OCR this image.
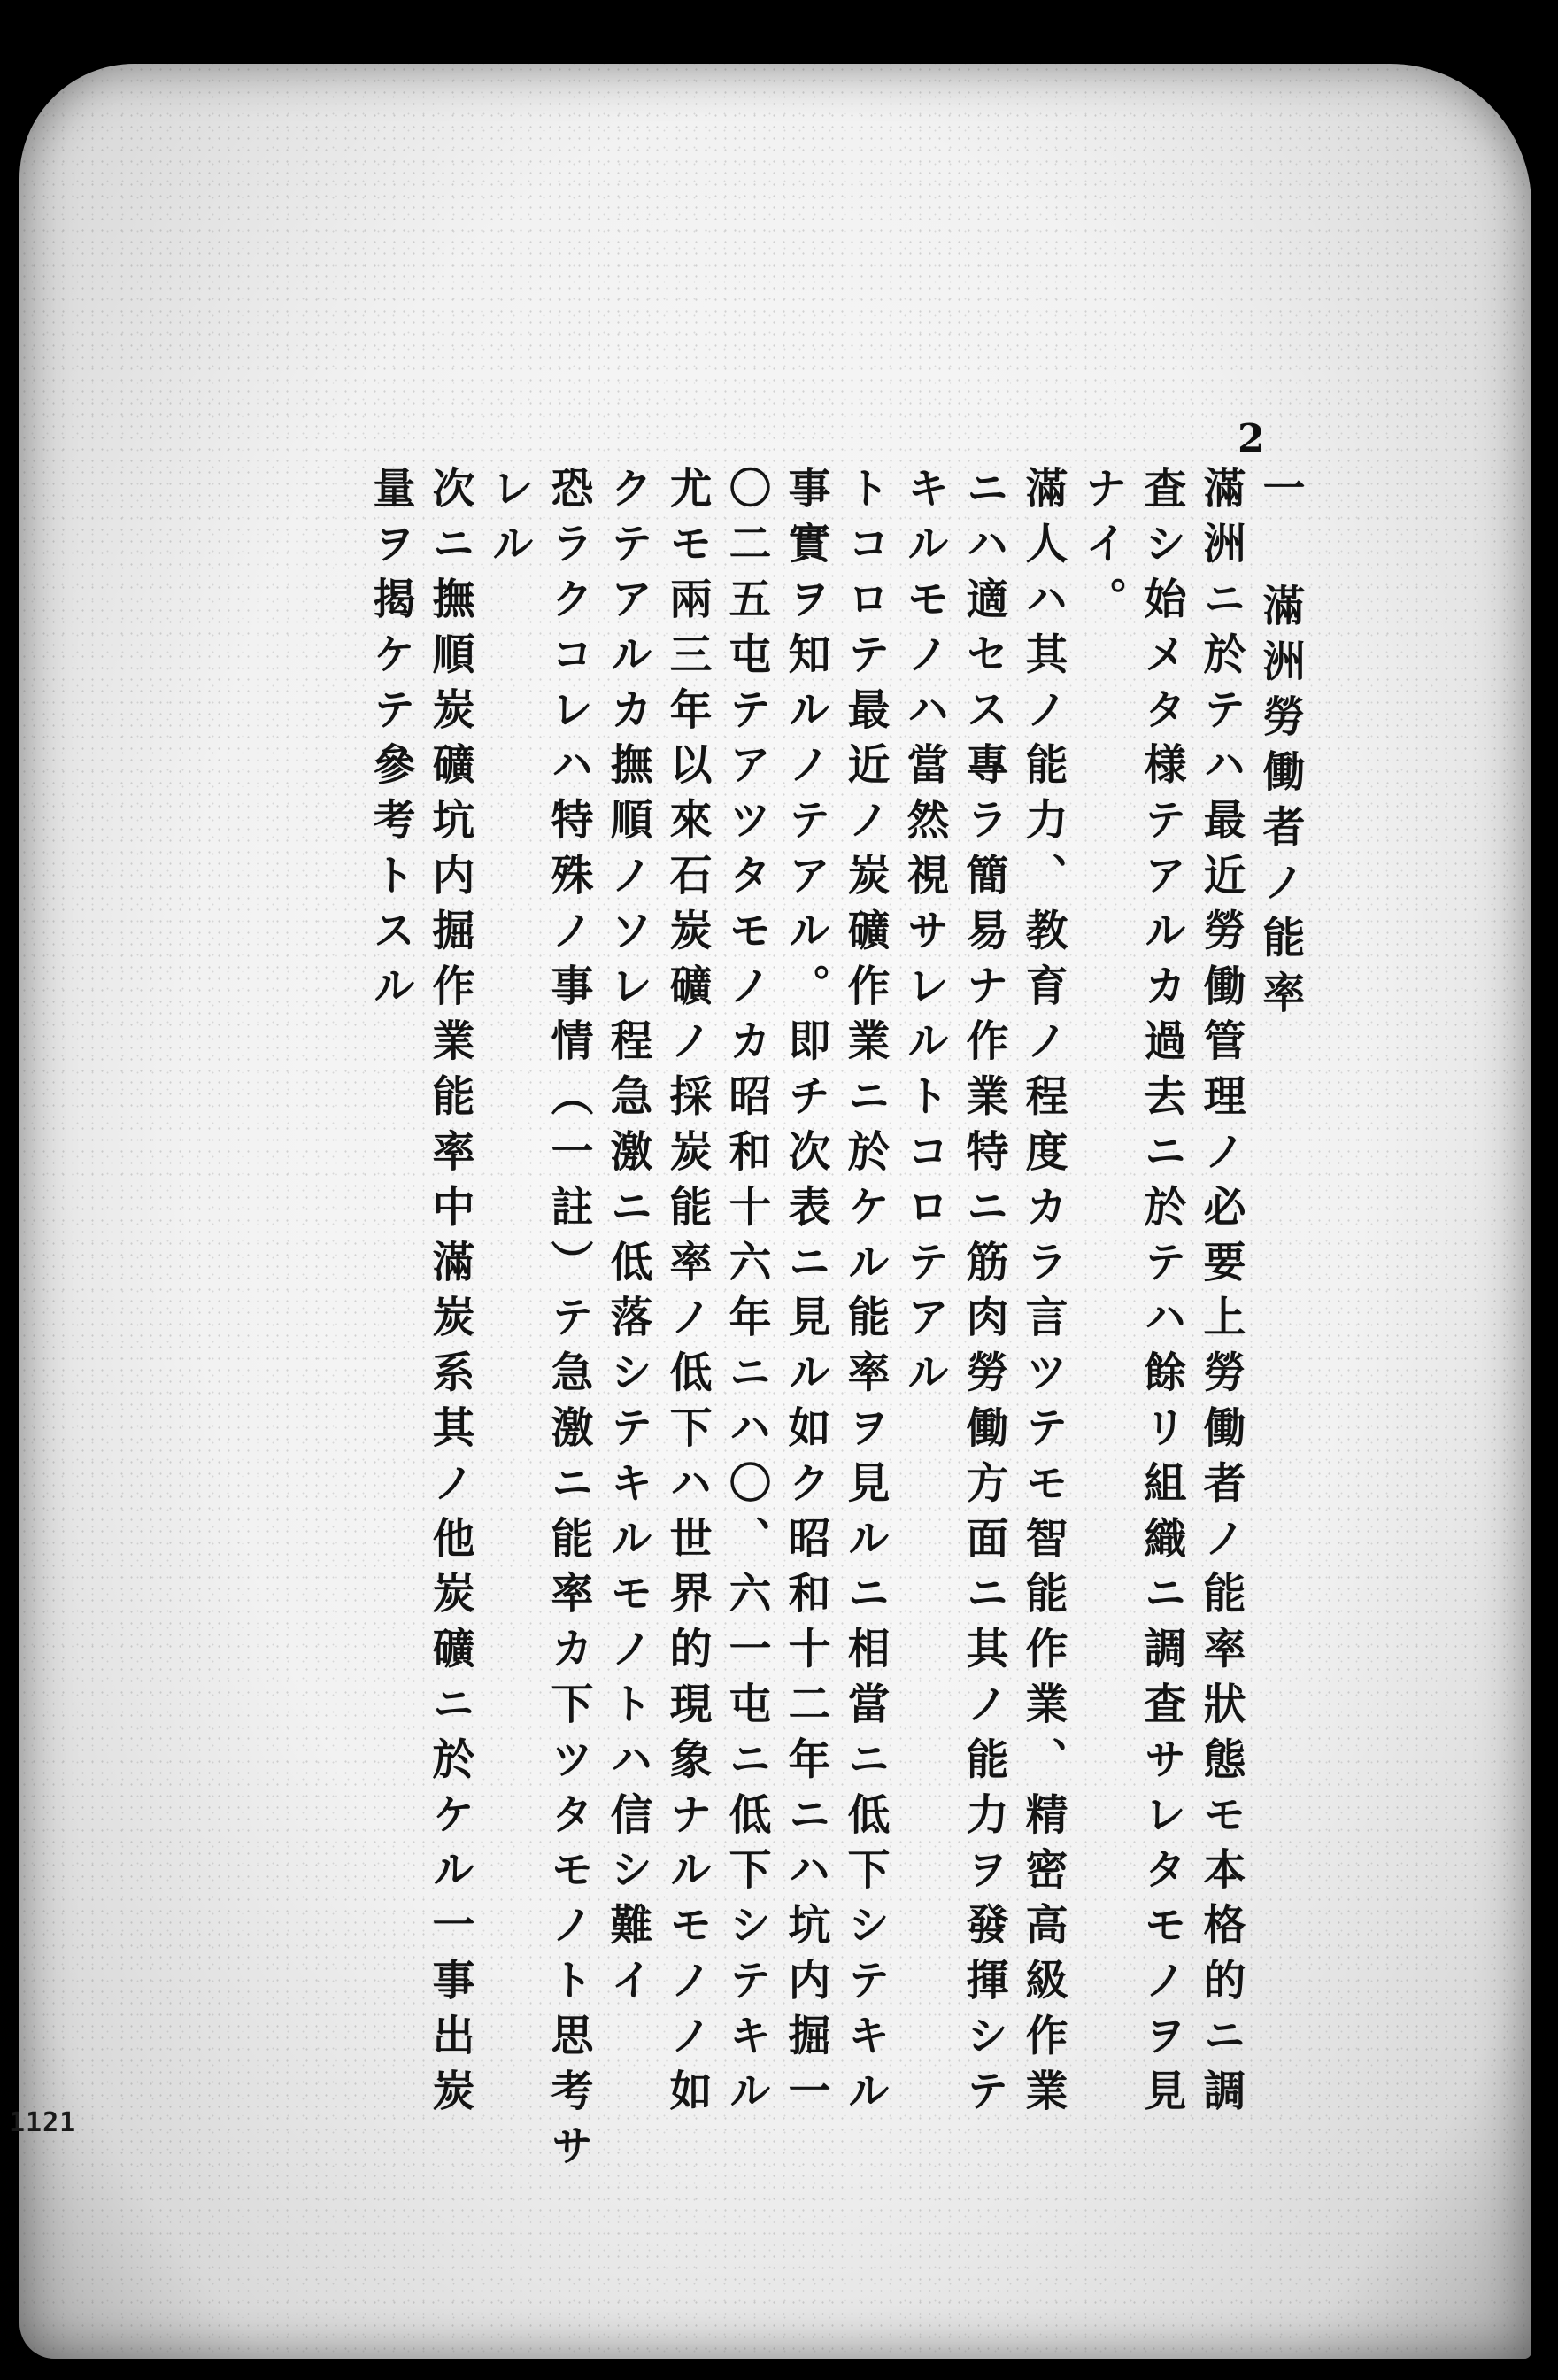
2
一 滿洲勞働者ノ能率
滿洲ニ於テハ最近勞働管理ノ必要上勞働者ノ能率狀態モ本格的ニ調
査シ始メタ様テアルカ過去ニ於テハ餘リ組織ニ調査サレタモノヲ見
ナイ。
滿人ハ其ノ能力、教育ノ程度カラ言ツテモ智能作業、精密高級作業
ニハ適セス專ラ簡易ナ作業特ニ筋肉勞働方面ニ其ノ能力ヲ發揮シテ
キルモノハ當然視サレルトコロテアル
トコロテ最近ノ炭礦作業ニ於ケル能率ヲ見ルニ相當ニ低下シテキル
事實ヲ知ルノテアル。即チ次表ニ見ル如ク昭和十二年ニハ坑内掘一
〇二五屯テアツタモノカ昭和十六年ニハ〇、六一屯ニ低下シテキル
尤モ兩三年以來石炭礦ノ採炭能率ノ低下ハ世界的現象ナルモノノ如
クテアルカ撫順ノソレ程急激ニ低落シテキルモノトハ信シ難イ
恐ラクコレハ特殊ノ事情（一註）テ急激ニ能率カ下ツタモノト思考サ
レル
次ニ撫順炭礦坑内掘作業能率中滿炭系其ノ他炭礦ニ於ケル一事出炭
量ヲ揭ケテ參考トスル
1121
